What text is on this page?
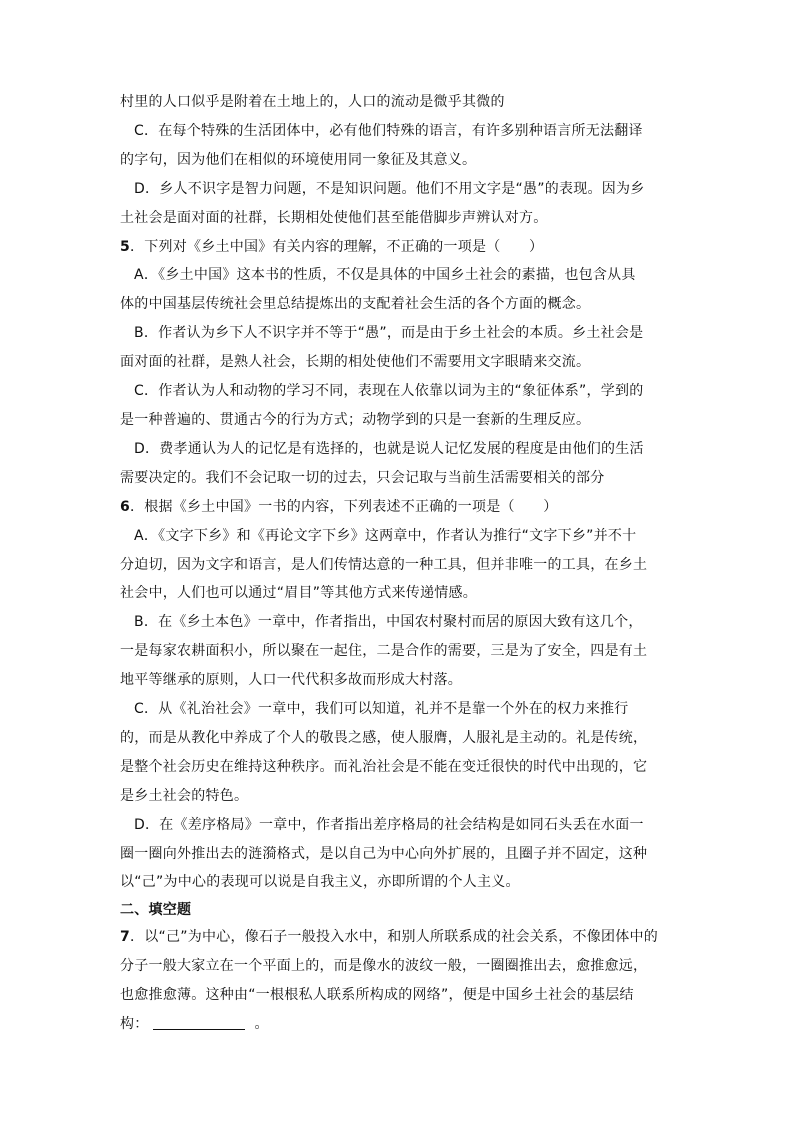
村里的人口似乎是附着在土地上的，人口的流动是微乎其微的
C．在每个特殊的生活团体中，必有他们特殊的语言，有许多别种语言所无法翻译
的字句，因为他们在相似的环境使用同一象征及其意义。
D．乡人不识字是智力问题，不是知识问题。他们不用文字是“愚”的表现。因为乡
土社会是面对面的社群，长期相处使他们甚至能借脚步声辨认对方。
5．下列对《乡土中国》有关内容的理解，不正确的一项是（　　）
A．《乡土中国》这本书的性质，不仅是具体的中国乡土社会的素描，也包含从具
体的中国基层传统社会里总结提炼出的支配着社会生活的各个方面的概念。
B．作者认为乡下人不识字并不等于“愚”，而是由于乡土社会的本质。乡土社会是
面对面的社群，是熟人社会，长期的相处使他们不需要用文字眼睛来交流。
C．作者认为人和动物的学习不同，表现在人依靠以词为主的“象征体系”，学到的
是一种普遍的、贯通古今的行为方式；动物学到的只是一套新的生理反应。
D．费孝通认为人的记忆是有选择的，也就是说人记忆发展的程度是由他们的生活
需要决定的。我们不会记取一切的过去，只会记取与当前生活需要相关的部分
6．根据《乡土中国》一书的内容，下列表述不正确的一项是（　　）
A．《文字下乡》和《再论文字下乡》这两章中，作者认为推行“文字下乡”并不十
分迫切，因为文字和语言，是人们传情达意的一种工具，但并非唯一的工具，在乡土
社会中，人们也可以通过“眉目”等其他方式来传递情感。
B．在《乡土本色》一章中，作者指出，中国农村聚村而居的原因大致有这几个，
一是每家农耕面积小，所以聚在一起住，二是合作的需要，三是为了安全，四是有土
地平等继承的原则，人口一代代积多故而形成大村落。
C．从《礼治社会》一章中，我们可以知道，礼并不是靠一个外在的权力来推行
的，而是从教化中养成了个人的敬畏之感，使人服膺，人服礼是主动的。礼是传统，
是整个社会历史在维持这种秩序。而礼治社会是不能在变迁很快的时代中出现的，它
是乡土社会的特色。
D．在《差序格局》一章中，作者指出差序格局的社会结构是如同石头丢在水面一
圈一圈向外推出去的涟漪格式，是以自己为中心向外扩展的，且圈子并不固定，这种
以“己”为中心的表现可以说是自我主义，亦即所谓的个人主义。
二、填空题
7．以“己”为中心，像石子一般投入水中，和别人所联系成的社会关系，不像团体中的
分子一般大家立在一个平面上的，而是像水的波纹一般，一圈圈推出去，愈推愈远，
也愈推愈薄。这种由“一根根私人联系所构成的网络”，便是中国乡土社会的基层结
构：	。
